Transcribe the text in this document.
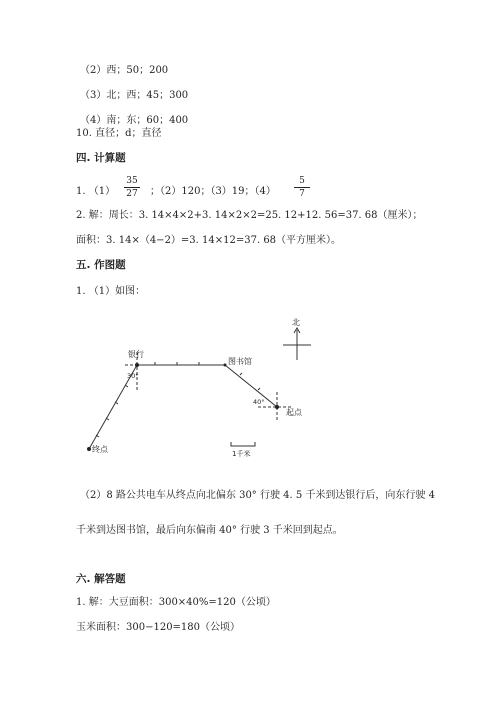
（2）西；50；200
（3）北；西；45；300
（4）南；东；60；400
10. 直径；d；直径
四. 计算题
1. （1）
35
27 ；（2）120；（3）19；（4）
5
7
2. 解：周长：3. 14×4×2+3. 14×2×2=25. 12+12. 56=37. 68（厘米）；
面积：3. 14×（4−2）=3. 14×12=37. 68（平方厘米）。
五. 作图题
1. （1）如图：
北
银行
图书馆
起点
终点
30°
40°
1千米
（2）8 路公共电车从终点向北偏东 30° 行驶 4. 5 千米到达银行后，向东行驶 4
千米到达图书馆，最后向东偏南 40° 行驶 3 千米回到起点。
六. 解答题
1. 解：大豆面积：300×40%=120（公顷）
玉米面积：300−120=180（公顷）
